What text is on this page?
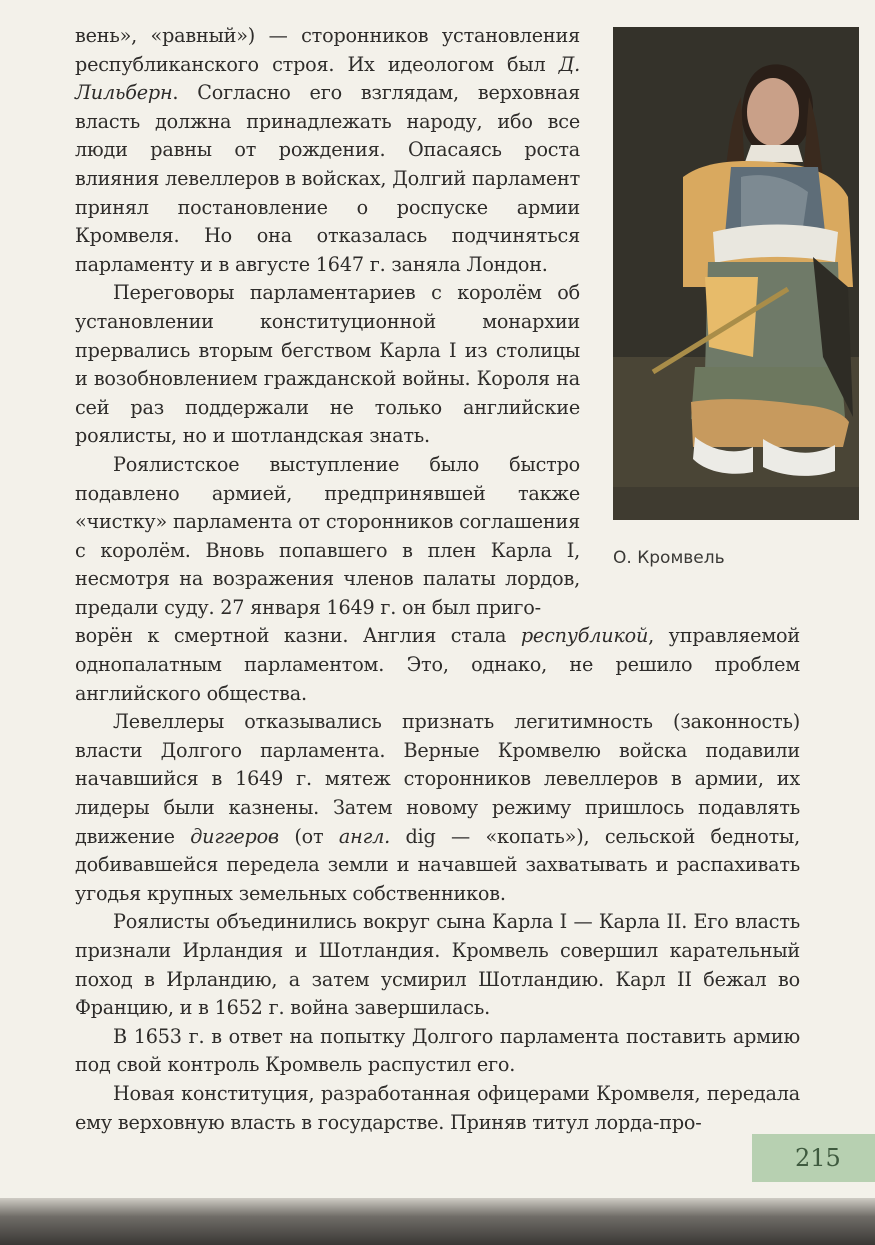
О. Кромвель

вень», «равный») — сторонников установления республиканского строя. Их идеологом был Д. Лильберн. Согласно его взглядам, верховная власть должна принадлежать народу, ибо все люди равны от рождения. Опасаясь роста влияния левеллеров в войсках, Долгий парламент принял постановление о роспуске армии Кромвеля. Но она отказалась подчиняться парламенту и в августе 1647 г. заняла Лондон.

Переговоры парламентариев с королём об установлении конституционной монархии прервались вторым бегством Карла I из столицы и возобновлением гражданской войны. Короля на сей раз поддержали не только английские роялисты, но и шотландская знать.

Роялистское выступление было быстро подавлено армией, предпринявшей также «чистку» парламента от сторонников соглашения с королём. Вновь попавшего в плен Карла I, несмотря на возражения членов палаты лордов, предали суду. 27 января 1649 г. он был приго-

ворён к смертной казни. Англия стала республикой, управляемой однопалатным парламентом. Это, однако, не решило проблем английского общества.

Левеллеры отказывались признать легитимность (законность) власти Долгого парламента. Верные Кромвелю войска подавили начавшийся в 1649 г. мятеж сторонников левеллеров в армии, их лидеры были казнены. Затем новому режиму пришлось подавлять движение диггеров (от англ. dig — «копать»), сельской бедноты, добивавшейся передела земли и начавшей захватывать и распахивать угодья крупных земельных собственников.

Роялисты объединились вокруг сына Карла I — Карла II. Его власть признали Ирландия и Шотландия. Кромвель совершил карательный поход в Ирландию, а затем усмирил Шотландию. Карл II бежал во Францию, и в 1652 г. война завершилась.

В 1653 г. в ответ на попытку Долгого парламента поставить армию под свой контроль Кромвель распустил его.

Новая конституция, разработанная офицерами Кромвеля, передала ему верховную власть в государстве. Приняв титул лорда-про-

215
